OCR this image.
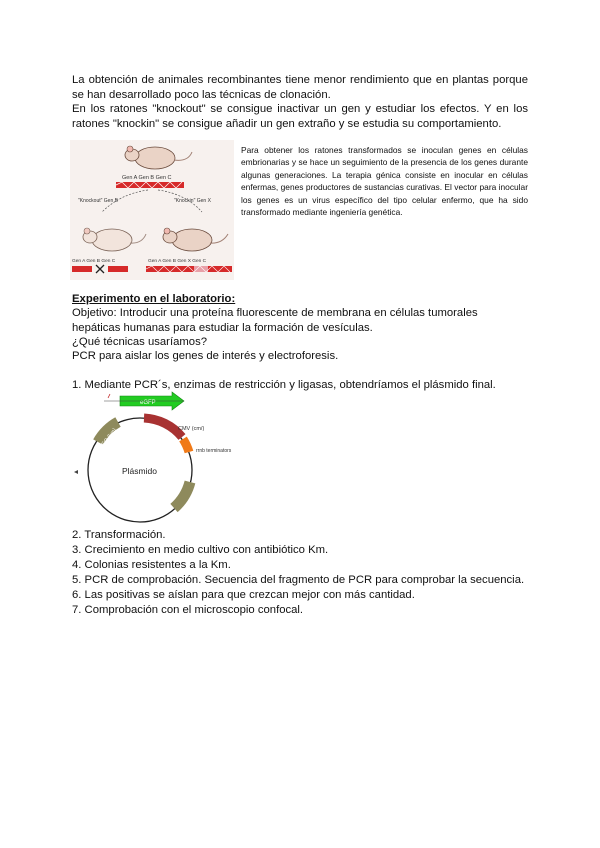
La obtención de animales recombinantes tiene menor rendimiento que en plantas porque se han desarrollado poco las técnicas de clonación.
En los ratones "knockout" se consigue inactivar un gen y estudiar los efectos. Y en los ratones "knockin" se consigue añadir un gen extraño y se estudia su comportamiento.
Gen A Gen B Gen C
"Knockout" Gen B	"Knockin" Gen X
Gen A Gen B Gen C	Gen A Gen B Gen X Gen C
Para obtener los ratones transformados se inoculan genes en células embrionarias y se hace un seguimiento de la presencia de los genes durante algunas generaciones. La terapia génica consiste en inocular en células enfermas, genes productores de sustancias curativas. El vector para inocular los genes es un virus específico del tipo celular enfermo, que ha sido transformado mediante ingeniería genética.
Experimento en el laboratorio:
Objetivo: Introducir una proteína fluorescente de membrana en células tumorales hepáticas humanas para estudiar la formación de vesículas.
¿Qué técnicas usaríamos?
PCR para aislar los genes de interés y electroforesis.
1. Mediante PCR´s, enzimas de restricción y ligasas, obtendríamos el plásmido final.
eGFP
CMV (cm/)
rrnb terminators
NEO (km)
ampR (pSN)
Plásmido
2. Transformación.
3. Crecimiento en medio cultivo con antibiótico Km.
4. Colonias resistentes a la Km.
5. PCR de comprobación. Secuencia del fragmento de PCR para comprobar la secuencia.
6. Las positivas se aíslan para que crezcan mejor con más cantidad.
7. Comprobación con el microscopio confocal.
